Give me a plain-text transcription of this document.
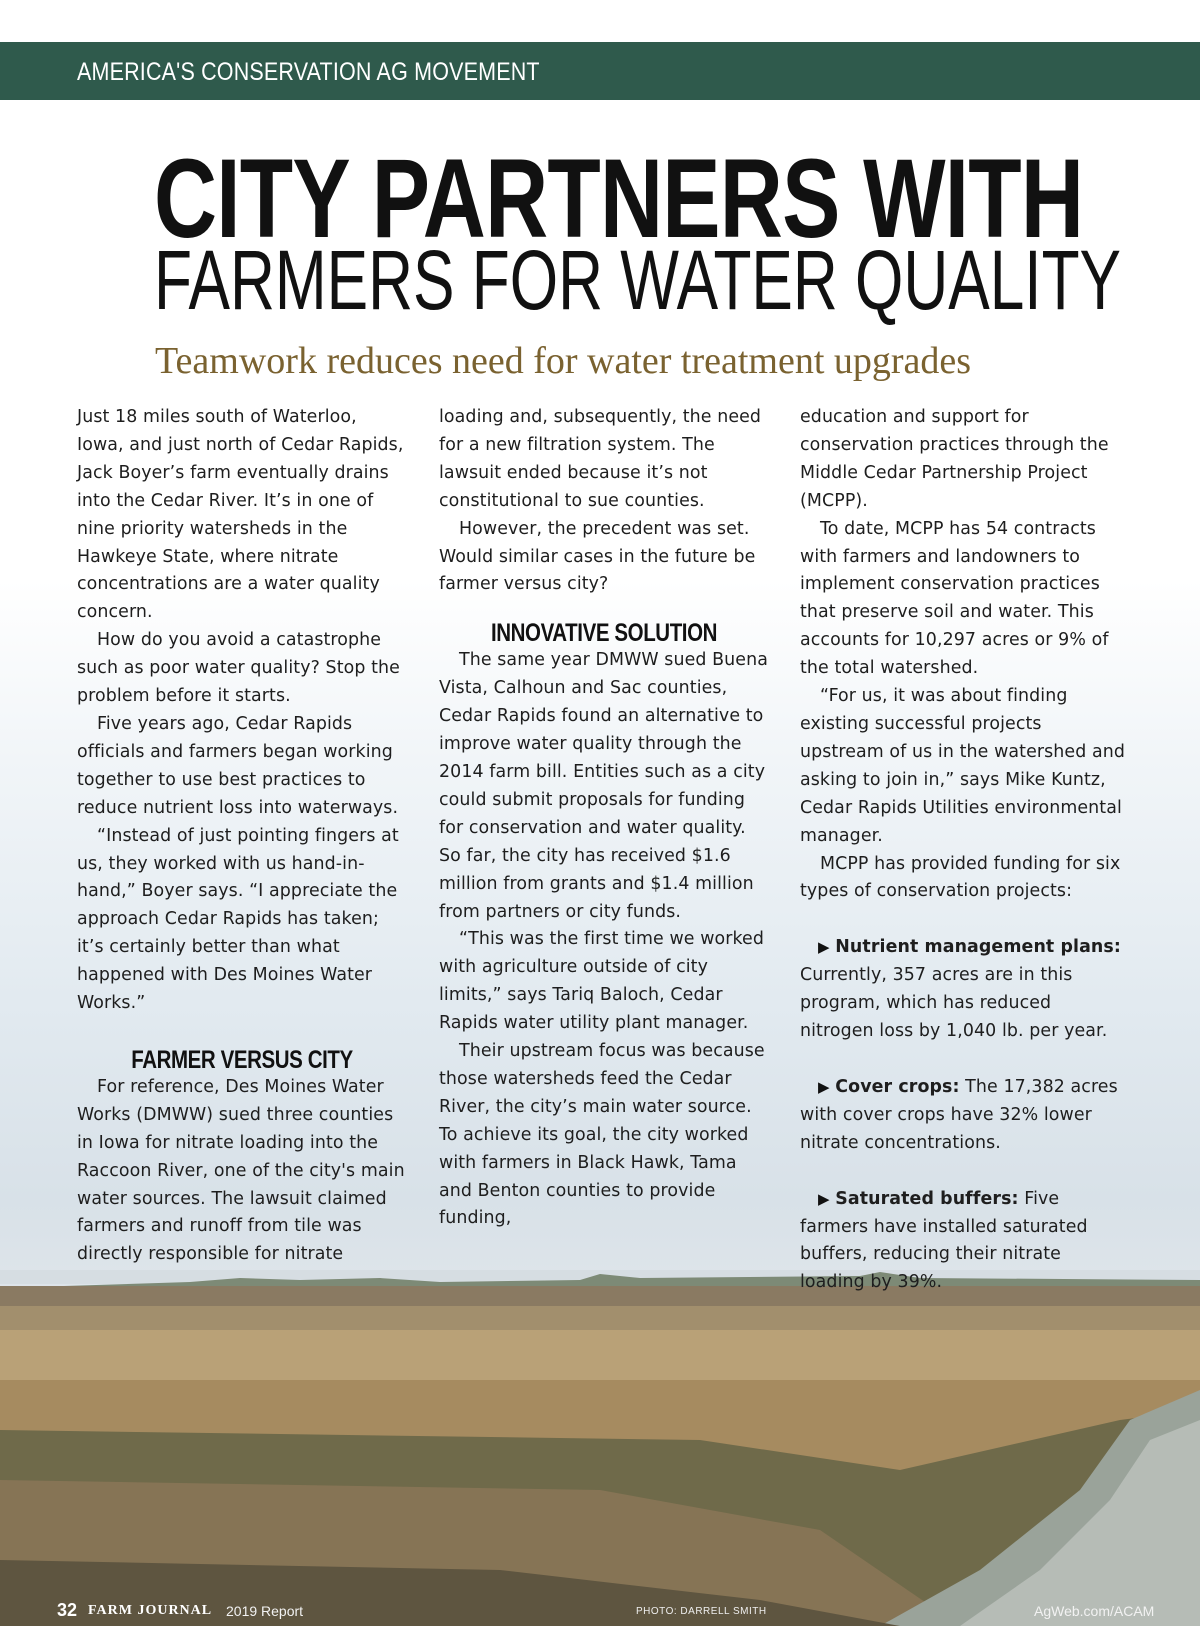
AMERICA'S CONSERVATION AG MOVEMENT
CITY PARTNERS WITH
FARMERS FOR WATER QUALITY
Teamwork reduces need for water treatment upgrades

Just 18 miles south of Waterloo, Iowa, and just north of Cedar Rapids, Jack Boyer’s farm eventually drains into the Cedar River. It’s in one of nine priority watersheds in the Hawkeye State, where nitrate concentrations are a water quality concern.

How do you avoid a catastrophe such as poor water quality? Stop the problem before it starts.

Five years ago, Cedar Rapids officials and farmers began working together to use best practices to reduce nutrient loss into waterways.

“Instead of just pointing fingers at us, they worked with us hand-in-hand,” Boyer says. “I appreciate the approach Cedar Rapids has taken; it’s certainly better than what happened with Des Moines Water Works.”

FARMER VERSUS CITY

For reference, Des Moines Water Works (DMWW) sued three counties in Iowa for nitrate loading into the Raccoon River, one of the city's main water sources. The lawsuit claimed farmers and runoff from tile was directly responsible for nitrate

loading and, subsequently, the need for a new filtration system. The lawsuit ended because it’s not constitutional to sue counties.

However, the precedent was set. Would similar cases in the future be farmer versus city?

INNOVATIVE SOLUTION

The same year DMWW sued Buena Vista, Calhoun and Sac counties, Cedar Rapids found an alternative to improve water quality through the 2014 farm bill. Entities such as a city could submit proposals for funding for conservation and water quality. So far, the city has received $1.6 million from grants and $1.4 million from partners or city funds.

“This was the first time we worked with agriculture outside of city limits,” says Tariq Baloch, Cedar Rapids water utility plant manager.

Their upstream focus was because those watersheds feed the Cedar River, the city’s main water source. To achieve its goal, the city worked with farmers in Black Hawk, Tama and Benton counties to provide funding,

education and support for conservation practices through the Middle Cedar Partnership Project (MCPP).

To date, MCPP has 54 contracts with farmers and landowners to implement conservation practices that preserve soil and water. This accounts for 10,297 acres or 9% of the total watershed.

“For us, it was about finding existing successful projects upstream of us in the watershed and asking to join in,” says Mike Kuntz, Cedar Rapids Utilities environmental manager.

MCPP has provided funding for six types of conservation projects:

▶ Nutrient management plans: Currently, 357 acres are in this program, which has reduced nitrogen loss by 1,040 lb. per year.

▶ Cover crops: The 17,382 acres with cover crops have 32% lower nitrate concentrations.

▶ Saturated buffers: Five farmers have installed saturated buffers, reducing their nitrate loading by 39%.

32 FARM JOURNAL 2019 Report	PHOTO: DARRELL SMITH	AgWeb.com/ACAM
